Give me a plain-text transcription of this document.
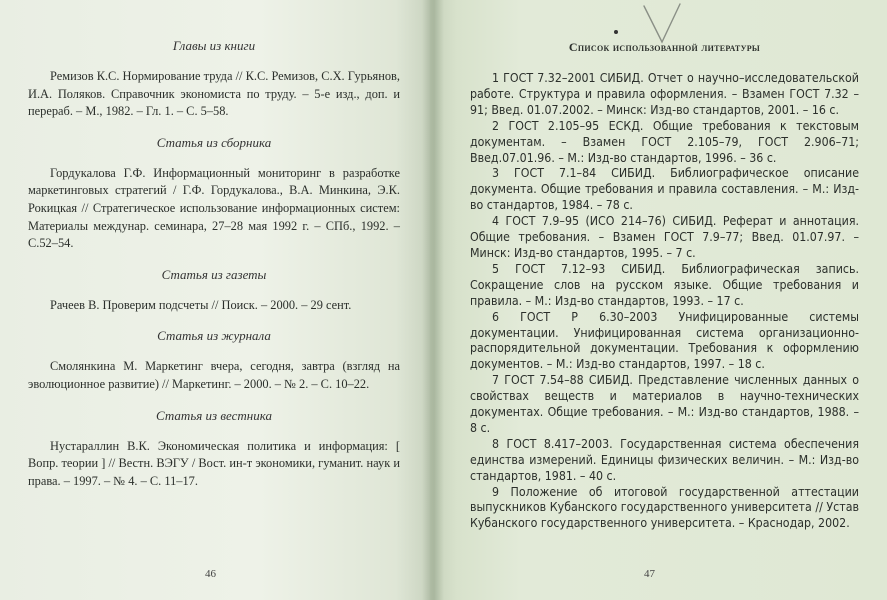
Главы из книги

Ремизов К.С. Нормирование труда // К.С. Ремизов, С.Х. Гурьянов, И.А. Поляков. Справочник экономиста по труду. – 5-е изд., доп. и перераб. – М., 1982. – Гл. 1. – С. 5–58.

Статья из сборника

Гордукалова Г.Ф. Информационный мониторинг в разработке маркетинговых стратегий / Г.Ф. Гордукалова., В.А. Минкина, Э.К. Рокицкая // Стратегическое использование информационных систем: Материалы междунар. семинара, 27–28 мая 1992 г. – СПб., 1992. – С.52–54.

Статья из газеты

Рачеев В. Проверим подсчеты // Поиск. – 2000. – 29 сент.

Статья из журнала

Смолянкина М. Маркетинг вчера, сегодня, завтра (взгляд на эволюционное развитие) // Маркетинг. – 2000. – № 2. – С. 10–22.

Статья из вестника

Нустараллин В.К. Экономическая политика и информация: [ Вопр. теории ] // Вестн. ВЭГУ / Вост. ин-т экономики, гуманит. наук и права. – 1997. – № 4. – С. 11–17.

46
Список использованной литературы

1 ГОСТ 7.32–2001 СИБИД. Отчет о научно–исследовательской работе. Структура и правила оформления. – Взамен ГОСТ 7.32 – 91; Введ. 01.07.2002. – Минск: Изд-во стандартов, 2001. – 16 с.

2 ГОСТ 2.105–95 ЕСКД. Общие требования к текстовым документам. – Взамен ГОСТ 2.105–79, ГОСТ 2.906–71; Введ.07.01.96. – М.: Изд-во стандартов, 1996. – 36 с.

3 ГОСТ 7.1–84 СИБИД. Библиографическое описание документа. Общие требования и правила составления. – М.: Изд-во стандартов, 1984. – 78 с.

4 ГОСТ 7.9–95 (ИСО 214–76) СИБИД. Реферат и аннотация. Общие требования. – Взамен ГОСТ 7.9–77; Введ. 01.07.97. – Минск: Изд-во стандартов, 1995. – 7 с.

5 ГОСТ 7.12–93 СИБИД. Библиографическая запись. Сокращение слов на русском языке. Общие требования и правила. – М.: Изд-во стандартов, 1993. – 17 с.

6 ГОСТ Р 6.30–2003 Унифицированные системы документации. Унифицированная система организационно-распорядительной документации. Требования к оформлению документов. – М.: Изд-во стандартов, 1997. – 18 с.

7 ГОСТ 7.54–88 СИБИД. Представление численных данных о свойствах веществ и материалов в научно-технических документах. Общие требования. – М.: Изд-во стандартов, 1988. – 8 с.

8 ГОСТ 8.417–2003. Государственная система обеспечения единства измерений. Единицы физических величин. – М.: Изд-во стандартов, 1981. – 40 с.

9 Положение об итоговой государственной аттестации выпускников Кубанского государственного университета // Устав Кубанского государственного университета. – Краснодар, 2002.

47
